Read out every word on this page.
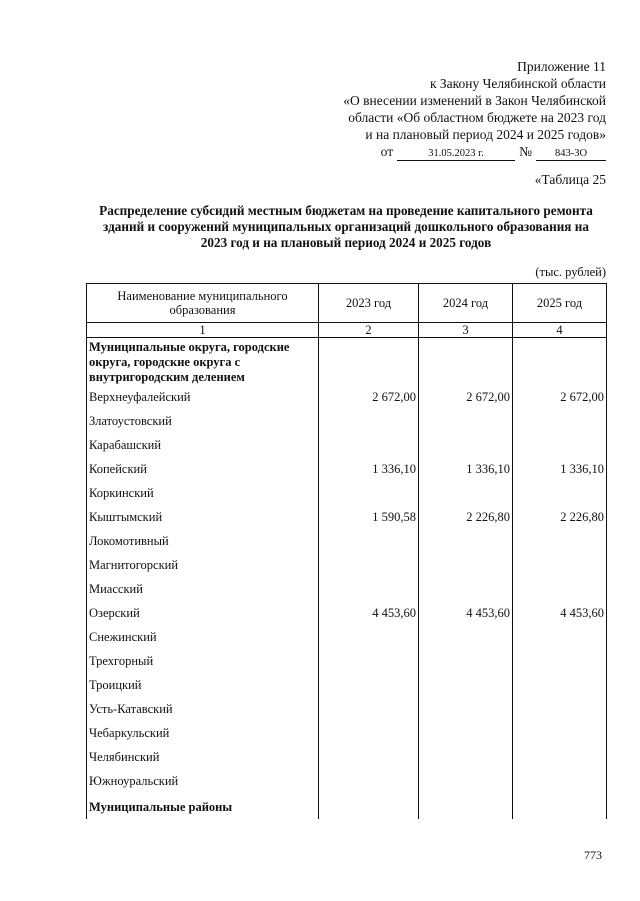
Приложение 11
к Закону Челябинской области
«О внесении изменений в Закон Челябинской
области «Об областном бюджете на 2023 год
и на плановый период 2024 и 2025 годов»
от	31.05.2023 г.	№	843-ЗО
«Таблица 25
Распределение субсидий местным бюджетам на проведение капитального ремонта зданий и сооружений муниципальных организаций дошкольного образования на 2023 год и на плановый период 2024 и 2025 годов
(тыс. рублей)
Наименование муниципального образования	2023 год	2024 год	2025 год
1	2	3	4
Муниципальные округа, городские округа, городские округа с внутригородским делением			
Верхнеуфалейский	2 672,00	2 672,00	2 672,00
Златоустовский			
Карабашский			
Копейский	1 336,10	1 336,10	1 336,10
Коркинский			
Кыштымский	1 590,58	2 226,80	2 226,80
Локомотивный			
Магнитогорский			
Миасский			
Озерский	4 453,60	4 453,60	4 453,60
Снежинский			
Трехгорный			
Троицкий			
Усть-Катавский			
Чебаркульский			
Челябинский			
Южноуральский			
Муниципальные районы			
773
